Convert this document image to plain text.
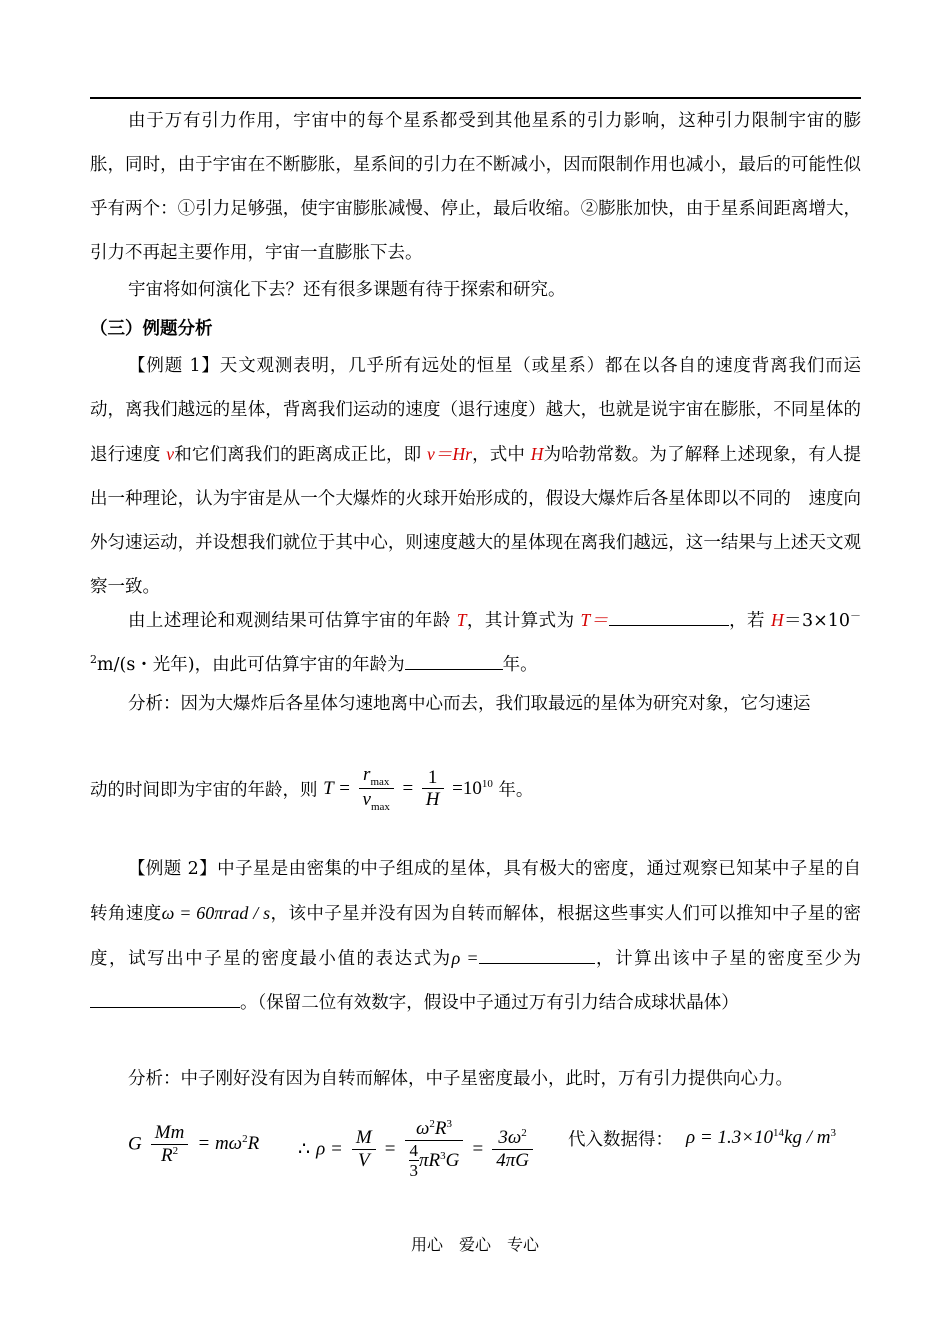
由于万有引力作用，宇宙中的每个星系都受到其他星系的引力影响，这种引力限制宇宙的膨胀，同时，由于宇宙在不断膨胀，星系间的引力在不断减小，因而限制作用也减小，最后的可能性似乎有两个：①引力足够强，使宇宙膨胀减慢、停止，最后收缩。②膨胀加快，由于星系间距离增大，引力不再起主要作用，宇宙一直膨胀下去。

宇宙将如何演化下去？还有很多课题有待于探索和研究。

（三）例题分析

【例题 1】天文观测表明，几乎所有远处的恒星（或星系）都在以各自的速度背离我们而运动，离我们越远的星体，背离我们运动的速度（退行速度）越大，也就是说宇宙在膨胀，不同星体的退行速度 v和它们离我们的距离成正比，即 v＝Hr，式中 H为哈勃常数。为了解释上述现象，有人提出一种理论，认为宇宙是从一个大爆炸的火球开始形成的，假设大爆炸后各星体即以不同的　速度向外匀速运动，并设想我们就位于其中心，则速度越大的星体现在离我们越远，这一结果与上述天文观察一致。

由上述理论和观测结果可估算宇宙的年龄 T，其计算式为 T＝	，若 $H=3\times 10^{-2}m/(s$・光年)，由此可估算宇宙的年龄为	年。

分析：因为大爆炸后各星体匀速地离中心而去，我们取最远的星体为研究对象，它匀速运

动的时间即为宇宙的年龄，则 $T = \frac{r_{max}}{v_{max}} = \frac{1}{H} =10^{10}$ 年。

【例题 2】中子星是由密集的中子组成的星体，具有极大的密度，通过观察已知某中子星的自转角速度ω = 60πrad / s，该中子星并没有因为自转而解体，根据这些事实人们可以推知中子星的密度，试写出中子星的密度最小值的表达式为ρ =	，计算出该中子星的密度至少为。（保留二位有效数字，假设中子通过万有引力结合成球状晶体）

分析：中子刚好没有因为自转而解体，中子星密度最小，此时，万有引力提供向心力。

G $\frac{Mm}{R^2} = m\omega^2R$ ∴ $\rho = \frac{M}{V} = \frac{\omega^2R^3}{\frac{4}{3} \pi R^3G} = \frac{3\omega^2}{4\pi G}$ 代入数据得： $\rho = 1.3\times 10^{14}kg / m^3$
用心　爱心　专心
